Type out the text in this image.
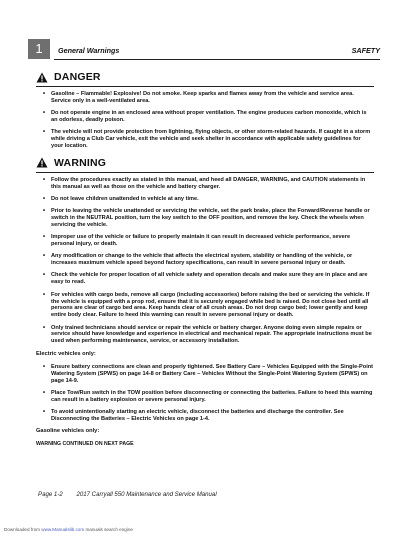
1	General Warnings	SAFETY
DANGER
• Gasoline – Flammable! Explosive! Do not smoke. Keep sparks and flames away from the vehicle and service area. Service only in a well-ventilated area.
• Do not operate engine in an enclosed area without proper ventilation. The engine produces carbon monoxide, which is an odorless, deadly poison.
• The vehicle will not provide protection from lightning, flying objects, or other storm-related hazards. If caught in a storm while driving a Club Car vehicle, exit the vehicle and seek shelter in accordance with applicable safety guidelines for your location.
WARNING
• Follow the procedures exactly as stated in this manual, and heed all DANGER, WARNING, and CAUTION statements in this manual as well as those on the vehicle and battery charger.
• Do not leave children unattended in vehicle at any time.
• Prior to leaving the vehicle unattended or servicing the vehicle, set the park brake, place the Forward/Reverse handle or switch in the NEUTRAL position, turn the key switch to the OFF position, and remove the key. Check the wheels when servicing the vehicle.
• Improper use of the vehicle or failure to properly maintain it can result in decreased vehicle performance, severe personal injury, or death.
• Any modification or change to the vehicle that affects the electrical system, stability or handling of the vehicle, or increases maximum vehicle speed beyond factory specifications, can result in severe personal injury or death.
• Check the vehicle for proper location of all vehicle safety and operation decals and make sure they are in place and are easy to read.
• For vehicles with cargo beds, remove all cargo (including accessories) before raising the bed or servicing the vehicle. If the vehicle is equipped with a prop rod, ensure that it is securely engaged while bed is raised. Do not close bed until all persons are clear of cargo bed area. Keep hands clear of all crush areas. Do not drop cargo bed; lower gently and keep entire body clear. Failure to heed this warning can result in severe personal injury or death.
• Only trained technicians should service or repair the vehicle or battery charger. Anyone doing even simple repairs or service should have knowledge and experience in electrical and mechanical repair. The appropriate instructions must be used when performing maintenance, service, or accessory installation.
Electric vehicles only:
• Ensure battery connections are clean and properly tightened. See Battery Care – Vehicles Equipped with the Single-Point Watering System (SPWS) on page 14-8 or Battery Care – Vehicles Without the Single-Point Watering System (SPWS) on page 14-9.
• Place Tow/Run switch in the TOW position before disconnecting or connecting the batteries. Failure to heed this warning can result in a battery explosion or severe personal injury.
• To avoid unintentionally starting an electric vehicle, disconnect the batteries and discharge the controller. See Disconnecting the Batteries – Electric Vehicles on page 1-4.
Gasoline vehicles only:
WARNING CONTINUED ON NEXT PAGE
Page 1-2 2017 Carryall 550 Maintenance and Service Manual
Downloaded from www.Manualslib.com manuals search engine
